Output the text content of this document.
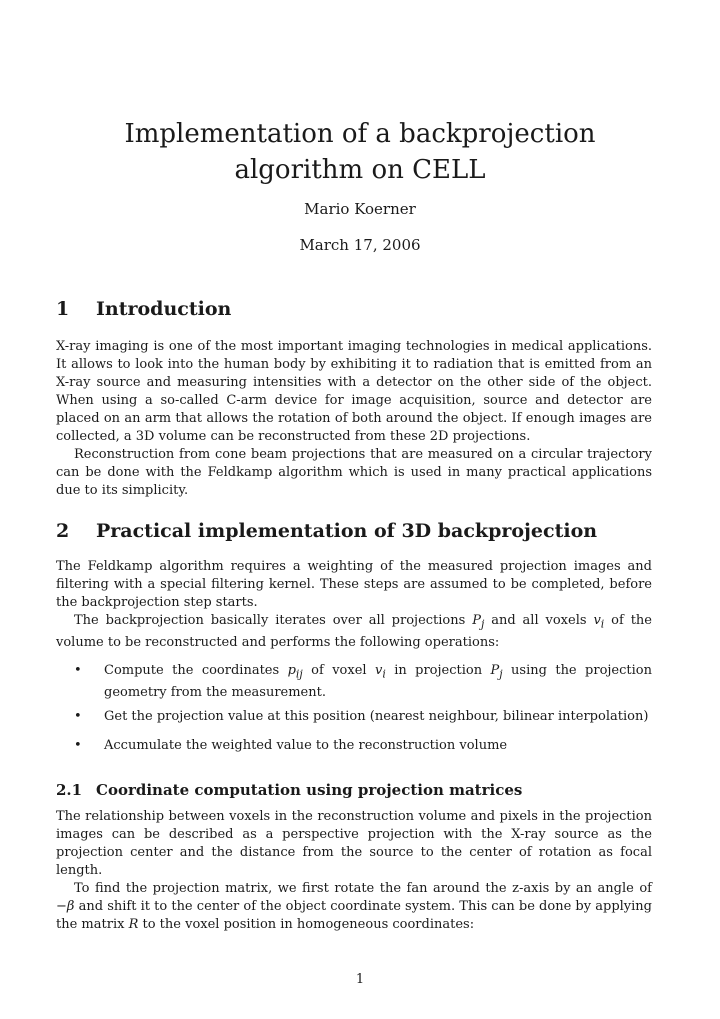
Implementation of a backprojection algorithm on CELL
Mario Koerner
March 17, 2006
1 Introduction

X-ray imaging is one of the most important imaging technologies in medical applications. It allows to look into the human body by exhibiting it to radiation that is emitted from an X-ray source and measuring intensities with a detector on the other side of the object. When using a so-called C-arm device for image acquisition, source and detector are placed on an arm that allows the rotation of both around the object. If enough images are collected, a 3D volume can be reconstructed from these 2D projections.

Reconstruction from cone beam projections that are measured on a circular trajectory can be done with the Feldkamp algorithm which is used in many practical applications due to its simplicity.

2 Practical implementation of 3D backprojection

The Feldkamp algorithm requires a weighting of the measured projection images and filtering with a special filtering kernel. These steps are assumed to be completed, before the backprojection step starts.

The backprojection basically iterates over all projections $P_j$ and all voxels $v_i$ of the volume to be reconstructed and performs the following operations:

• Compute the coordinates $p_{ij}$ of voxel $v_i$ in projection $P_j$ using the projection geometry from the measurement.
• Get the projection value at this position (nearest neighbour, bilinear interpolation)
• Accumulate the weighted value to the reconstruction volume
2.1 Coordinate computation using projection matrices

The relationship between voxels in the reconstruction volume and pixels in the projection images can be described as a perspective projection with the X-ray source as the projection center and the distance from the source to the center of rotation as focal length.

To find the projection matrix, we first rotate the fan around the z-axis by an angle of −β and shift it to the center of the object coordinate system. This can be done by applying the matrix R to the voxel position in homogeneous coordinates:

1
